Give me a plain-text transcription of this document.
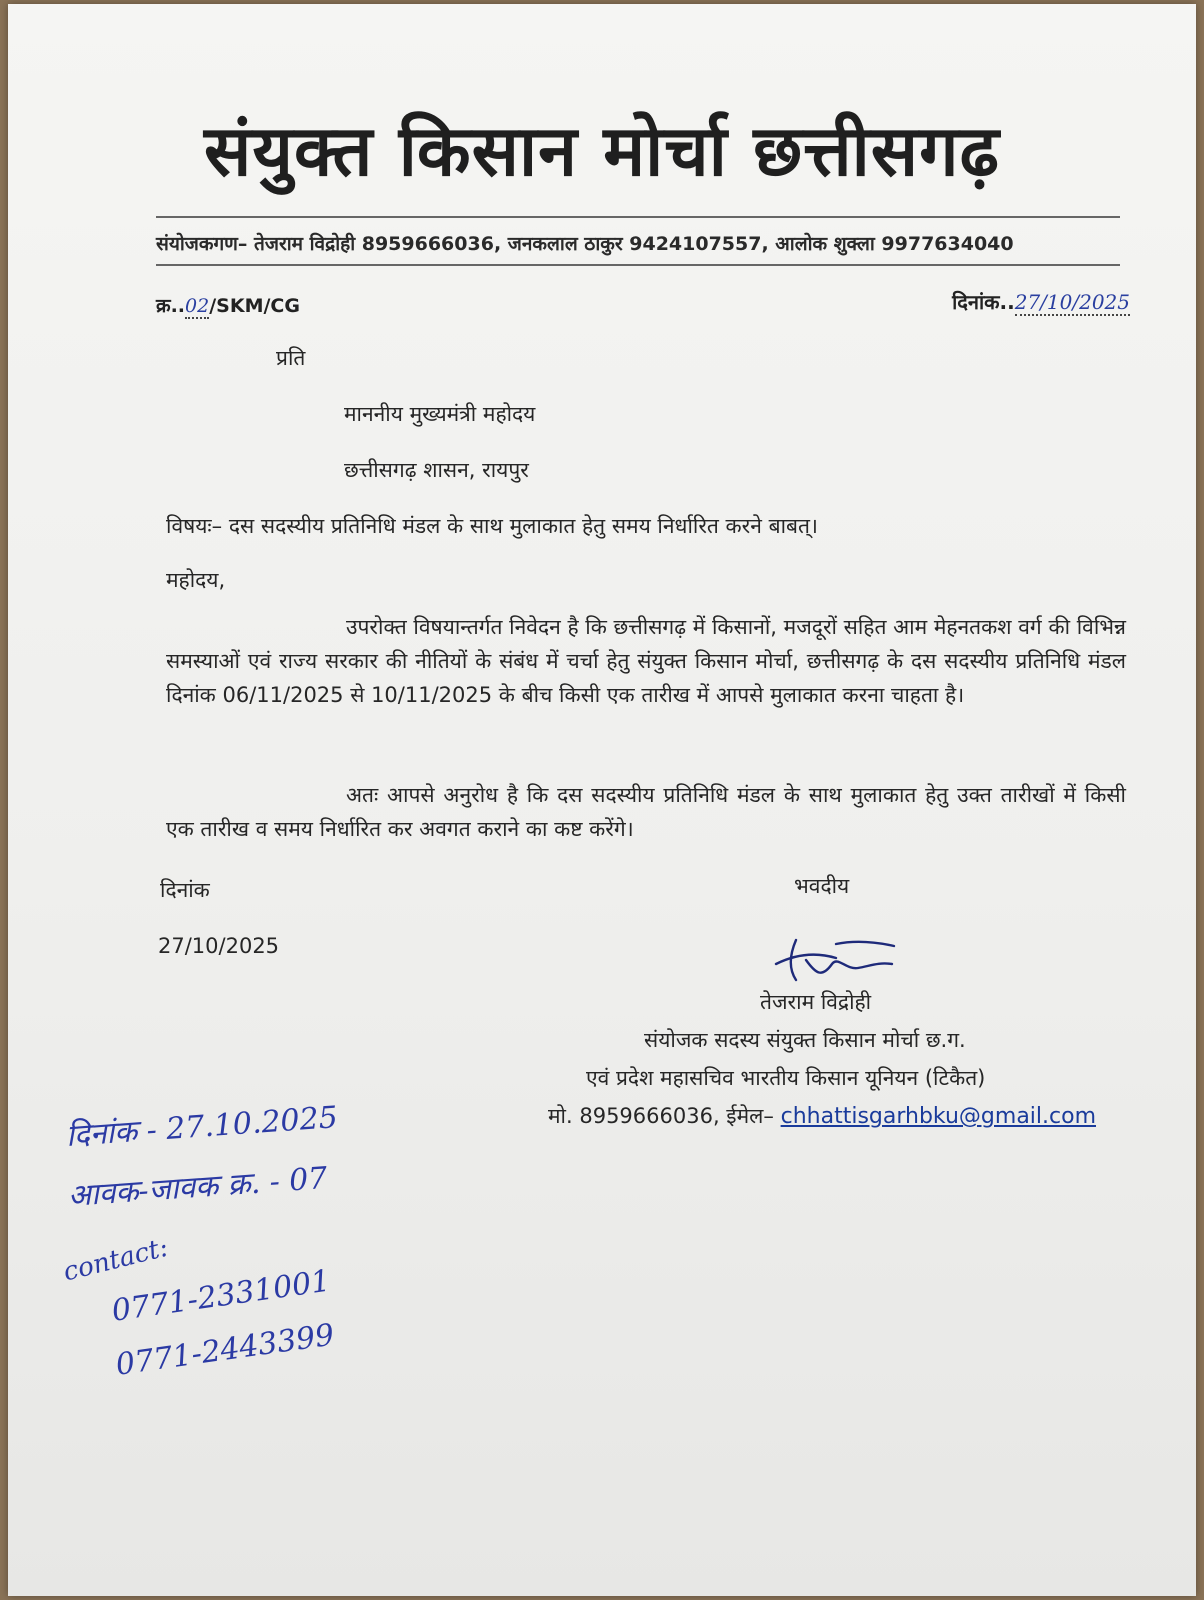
संयुक्त किसान मोर्चा छत्तीसगढ़
संयोजकगण– तेजराम विद्रोही 8959666036, जनकलाल ठाकुर 9424107557, आलोक शुक्ला 9977634040
क्र..02/SKM/CG	दिनांक..27/10/2025
प्रति
माननीय मुख्यमंत्री महोदय
छत्तीसगढ़ शासन, रायपुर
विषयः– दस सदस्यीय प्रतिनिधि मंडल के साथ मुलाकात हेतु समय निर्धारित करने बाबत्।
महोदय,
उपरोक्त विषयान्तर्गत निवेदन है कि छत्तीसगढ़ में किसानों, मजदूरों सहित आम मेहनतकश वर्ग की विभिन्न समस्याओं एवं राज्य सरकार की नीतियों के संबंध में चर्चा हेतु संयुक्त किसान मोर्चा, छत्तीसगढ़ के दस सदस्यीय प्रतिनिधि मंडल दिनांक 06/11/2025 से 10/11/2025 के बीच किसी एक तारीख में आपसे मुलाकात करना चाहता है।
अतः आपसे अनुरोध है कि दस सदस्यीय प्रतिनिधि मंडल के साथ मुलाकात हेतु उक्त तारीखों में किसी एक तारीख व समय निर्धारित कर अवगत कराने का कष्ट करेंगे।
दिनांक	भवदीय
27/10/2025
तेजराम विद्रोही
संयोजक सदस्य संयुक्त किसान मोर्चा छ.ग.
एवं प्रदेश महासचिव भारतीय किसान यूनियन (टिकैत)
मो. 8959666036, ईमेल– chhattisgarhbku@gmail.com
दिनांक - 27.10.2025
आवक-जावक क्र. - 07
contact:
0771-2331001
0771-2443399
